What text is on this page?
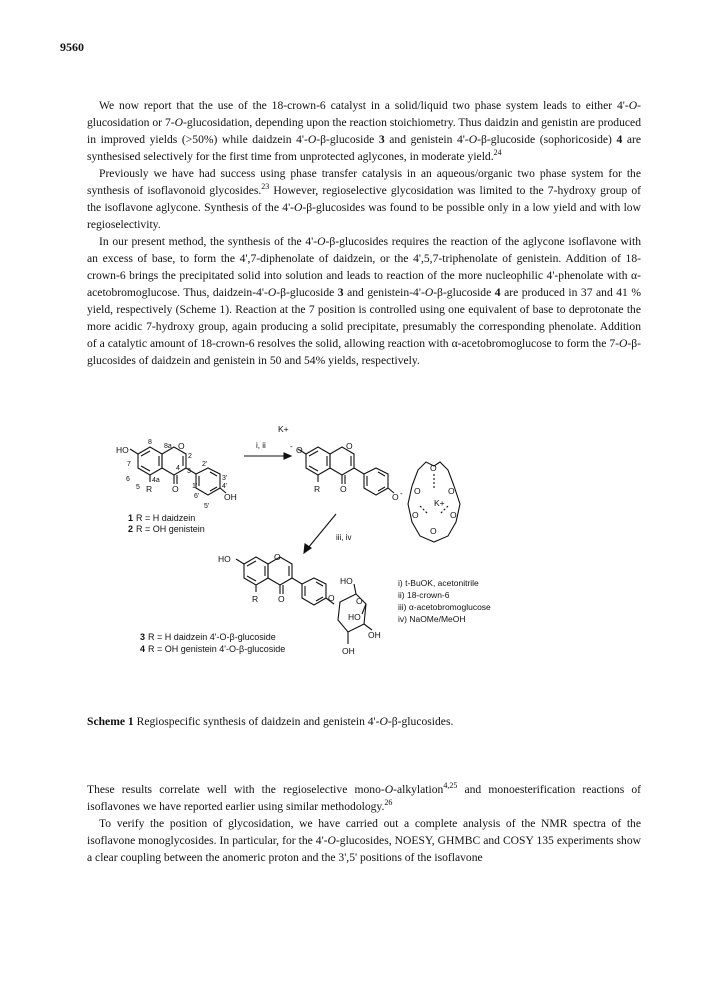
9560

We now report that the use of the 18-crown-6 catalyst in a solid/liquid two phase system leads to either 4'-O-glucosidation or 7-O-glucosidation, depending upon the reaction stoichiometry. Thus daidzin and genistin are produced in improved yields (>50%) while daidzein 4'-O-β-glucoside 3 and genistein 4'-O-β-glucoside (sophoricoside) 4 are synthesised selectively for the first time from unprotected aglycones, in moderate yield.$^{24}$

Previously we have had success using phase transfer catalysis in an aqueous/organic two phase system for the synthesis of isoflavonoid glycosides.$^{23}$ However, regioselective glycosidation was limited to the 7-hydroxy group of the isoflavone aglycone. Synthesis of the 4'-O-β-glucosides was found to be possible only in a low yield and with low regioselectivity.

In our present method, the synthesis of the 4'-O-β-glucosides requires the reaction of the aglycone isoflavone with an excess of base, to form the 4',7-diphenolate of daidzein, or the 4',5,7-triphenolate of genistein. Addition of 18-crown-6 brings the precipitated solid into solution and leads to reaction of the more nucleophilic 4'-phenolate with α-acetobromoglucose. Thus, daidzein-4'-O-β-glucoside 3 and genistein-4'-O-β-glucoside 4 are produced in 37 and 41 % yield, respectively (Scheme 1). Reaction at the 7 position is controlled using one equivalent of base to deprotonate the more acidic 7-hydroxy group, again producing a solid precipitate, presumably the corresponding phenolate. Addition of a catalytic amount of 18-crown-6 resolves the solid, allowing reaction with α-acetobromoglucose to form the 7-O-β-glucosides of daidzein and genistein in 50 and 54% yields, respectively.

HO
8
8a O
2
7
4 3
2'
6	4a	3'
5	1'	4'
R O
6'	OH
5'
1 R = H daidzein
2 R = OH genistein
i, ii
iii, iv
K+
- O	O
R O
O -
O
O	O
K+
O	O
O
HO	O
R O	O
HO
O
HO
OH
OH
3 R = H daidzein 4'-O-β-glucoside
4 R = OH genistein 4'-O-β-glucoside
i) t-BuOK, acetonitrile
ii) 18-crown-6
iii) α-acetobromoglucose
iv) NaOMe/MeOH
Scheme 1 Regiospecific synthesis of daidzein and genistein 4'-O-β-glucosides.

These results correlate well with the regioselective mono-O-alkylation$^{4,25}$ and monoesterification reactions of isoflavones we have reported earlier using similar methodology.$^{26}$

To verify the position of glycosidation, we have carried out a complete analysis of the NMR spectra of the isoflavone monoglycosides. In particular, for the 4'-O-glucosides, NOESY, GHMBC and COSY 135 experiments show a clear coupling between the anomeric proton and the 3',5' positions of the isoflavone
